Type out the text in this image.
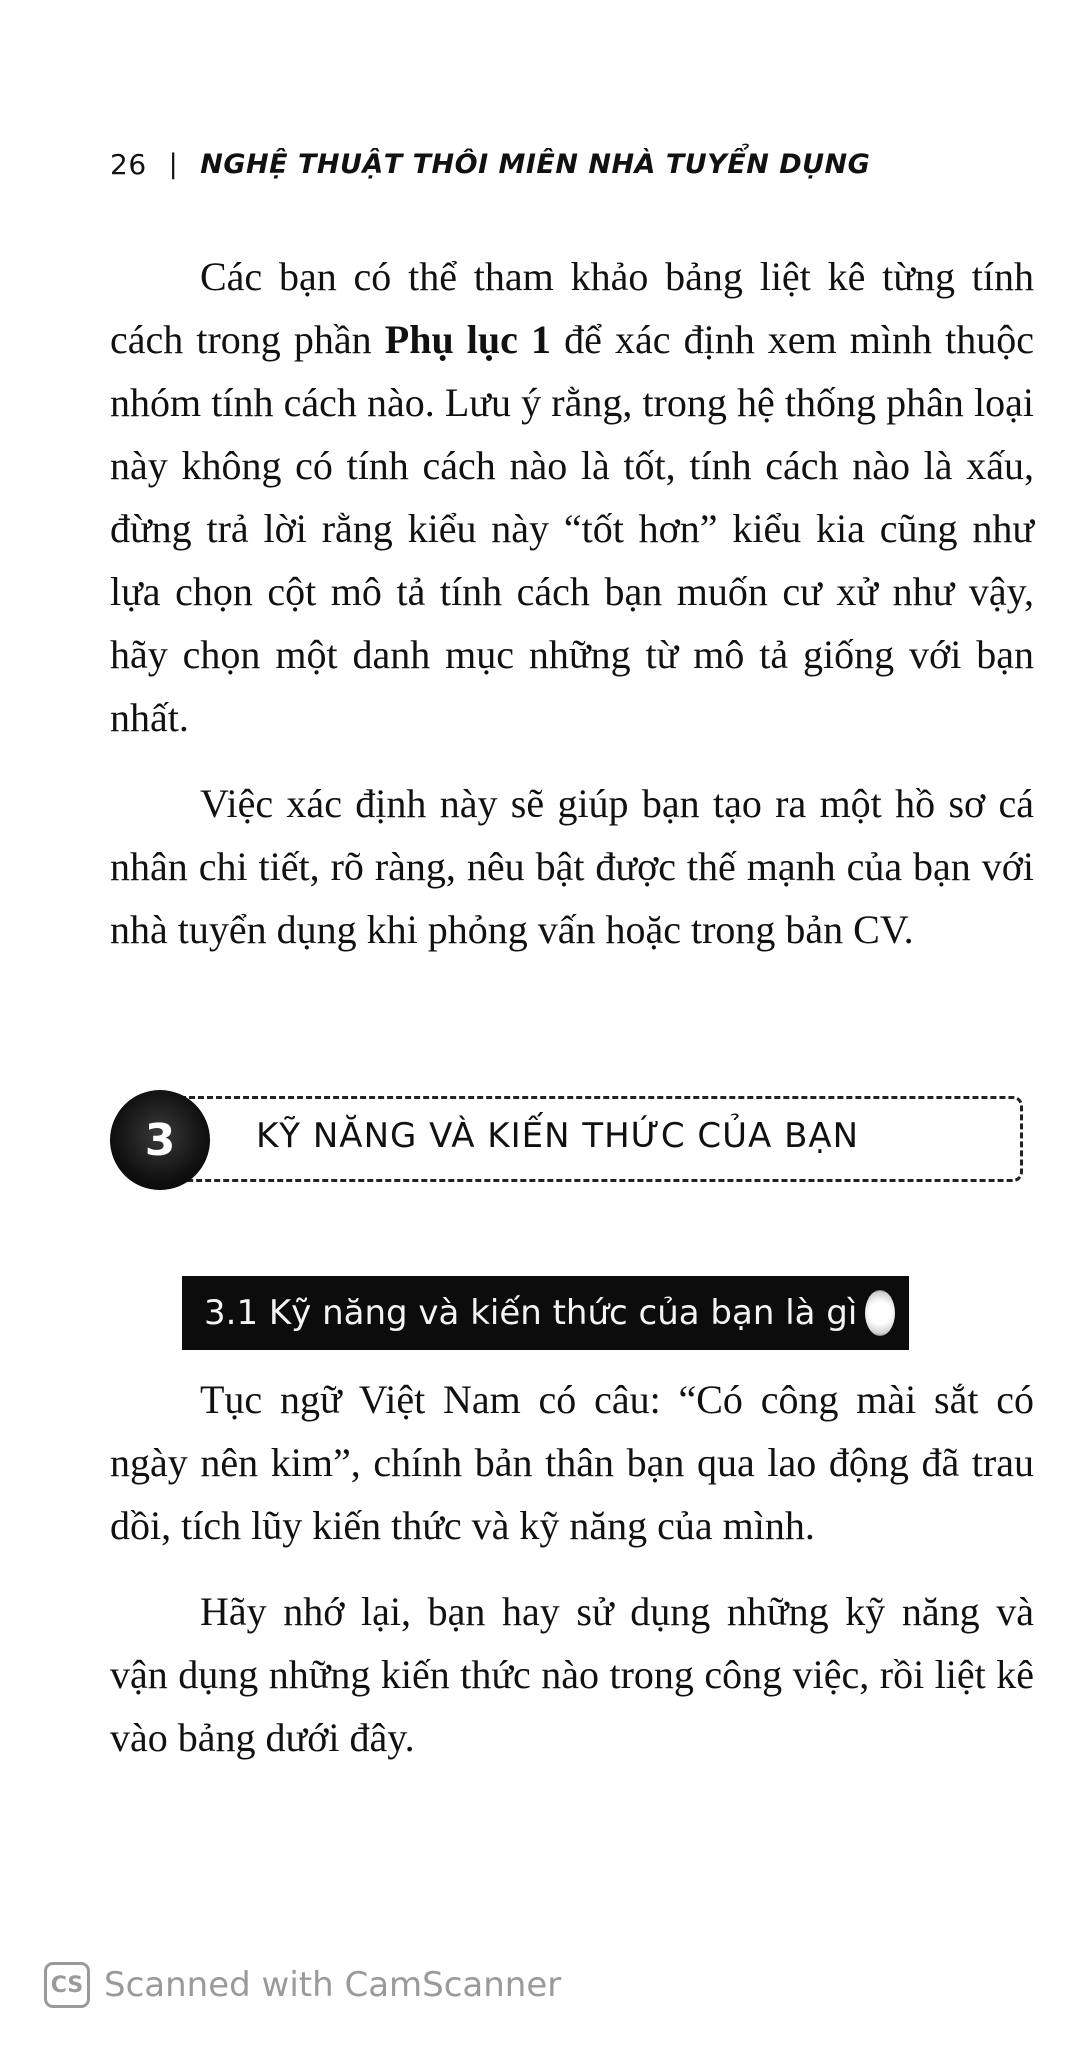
26 | NGHỆ THUẬT THÔI MIÊN NHÀ TUYỂN DỤNG

Các bạn có thể tham khảo bảng liệt kê từng tính cách trong phần Phụ lục 1 để xác định xem mình thuộc nhóm tính cách nào. Lưu ý rằng, trong hệ thống phân loại này không có tính cách nào là tốt, tính cách nào là xấu, đừng trả lời rằng kiểu này “tốt hơn” kiểu kia cũng như lựa chọn cột mô tả tính cách bạn muốn cư xử như vậy, hãy chọn một danh mục những từ mô tả giống với bạn nhất.

Việc xác định này sẽ giúp bạn tạo ra một hồ sơ cá nhân chi tiết, rõ ràng, nêu bật được thế mạnh của bạn với nhà tuyển dụng khi phỏng vấn hoặc trong bản CV.

3	KỸ NĂNG VÀ KIẾN THỨC CỦA BẠN
3.1 Kỹ năng và kiến thức của bạn là gì

Tục ngữ Việt Nam có câu: “Có công mài sắt có ngày nên kim”, chính bản thân bạn qua lao động đã trau dồi, tích lũy kiến thức và kỹ năng của mình.

Hãy nhớ lại, bạn hay sử dụng những kỹ năng và vận dụng những kiến thức nào trong công việc, rồi liệt kê vào bảng dưới đây.

CS Scanned with CamScanner
